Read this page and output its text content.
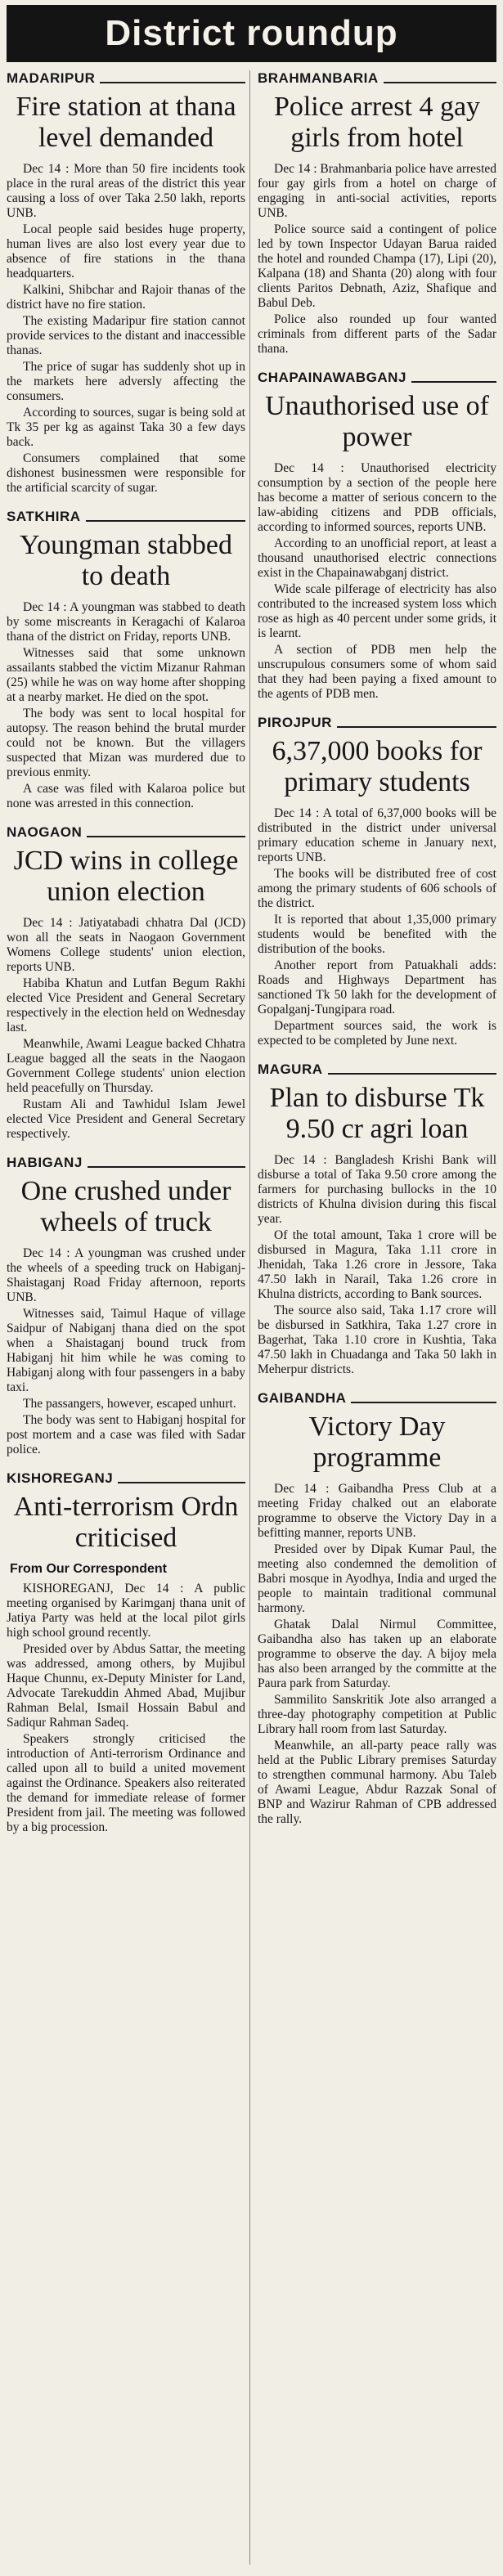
District roundup
MADARIPUR
Fire station at thana level demanded

Dec 14 : More than 50 fire incidents took place in the rural areas of the district this year causing a loss of over Taka 2.50 lakh, reports UNB.

Local people said besides huge property, human lives are also lost every year due to absence of fire stations in the thana headquarters.

Kalkini, Shibchar and Rajoir thanas of the district have no fire station.

The existing Madaripur fire station cannot provide services to the distant and inaccessible thanas.

The price of sugar has suddenly shot up in the markets here adversly affecting the consumers.

According to sources, sugar is being sold at Tk 35 per kg as against Taka 30 a few days back.

Consumers complained that some dishonest businessmen were responsible for the artificial scarcity of sugar.

SATKHIRA
Youngman stabbed to death

Dec 14 : A youngman was stabbed to death by some miscreants in Keragachi of Kalaroa thana of the district on Friday, reports UNB.

Witnesses said that some unknown assailants stabbed the victim Mizanur Rahman (25) while he was on way home after shopping at a nearby market. He died on the spot.

The body was sent to local hospital for autopsy. The reason behind the brutal murder could not be known. But the villagers suspected that Mizan was murdered due to previous enmity.

A case was filed with Kalaroa police but none was arrested in this connection.

NAOGAON
JCD wins in college union election

Dec 14 : Jatiyatabadi chhatra Dal (JCD) won all the seats in Naogaon Government Womens College students' union election, reports UNB.

Habiba Khatun and Lutfan Begum Rakhi elected Vice President and General Secretary respectively in the election held on Wednesday last.

Meanwhile, Awami League backed Chhatra League bagged all the seats in the Naogaon Government College students' union election held peacefully on Thursday.

Rustam Ali and Tawhidul Islam Jewel elected Vice President and General Secretary respectively.

HABIGANJ
One crushed under wheels of truck

Dec 14 : A youngman was crushed under the wheels of a speeding truck on Habiganj-Shaistaganj Road Friday afternoon, reports UNB.

Witnesses said, Taimul Haque of village Saidpur of Nabiganj thana died on the spot when a Shaistaganj bound truck from Habiganj hit him while he was coming to Habiganj along with four passengers in a baby taxi.

The passangers, however, escaped unhurt.

The body was sent to Habiganj hospital for post mortem and a case was filed with Sadar police.

KISHOREGANJ
Anti-terrorism Ordn criticised
From Our Correspondent

KISHOREGANJ, Dec 14 : A public meeting organised by Karimganj thana unit of Jatiya Party was held at the local pilot girls high school ground recently.

Presided over by Abdus Sattar, the meeting was addressed, among others, by Mujibul Haque Chunnu, ex-Deputy Minister for Land, Advocate Tarekuddin Ahmed Abad, Mujibur Rahman Belal, Ismail Hossain Babul and Sadiqur Rahman Sadeq.

Speakers strongly criticised the introduction of Anti-terrorism Ordinance and called upon all to build a united movement against the Ordinance. Speakers also reiterated the demand for immediate release of former President from jail. The meeting was followed by a big procession.

BRAHMANBARIA
Police arrest 4 gay girls from hotel

Dec 14 : Brahmanbaria police have arrested four gay girls from a hotel on charge of engaging in anti-social activities, reports UNB.

Police source said a contingent of police led by town Inspector Udayan Barua raided the hotel and rounded Champa (17), Lipi (20), Kalpana (18) and Shanta (20) along with four clients Paritos Debnath, Aziz, Shafique and Babul Deb.

Police also rounded up four wanted criminals from different parts of the Sadar thana.

CHAPAINAWABGANJ
Unauthorised use of power

Dec 14 : Unauthorised electricity consumption by a section of the people here has become a matter of serious concern to the law-abiding citizens and PDB officials, according to informed sources, reports UNB.

According to an unofficial report, at least a thousand unauthorised electric connections exist in the Chapainawabganj district.

Wide scale pilferage of electricity has also contributed to the increased system loss which rose as high as 40 percent under some grids, it is learnt.

A section of PDB men help the unscrupulous consumers some of whom said that they had been paying a fixed amount to the agents of PDB men.

PIROJPUR
6,37,000 books for primary students

Dec 14 : A total of 6,37,000 books will be distributed in the district under universal primary education scheme in January next, reports UNB.

The books will be distributed free of cost among the primary students of 606 schools of the district.

It is reported that about 1,35,000 primary students would be benefited with the distribution of the books.

Another report from Patuakhali adds: Roads and Highways Department has sanctioned Tk 50 lakh for the development of Gopalganj-Tungipara road.

Department sources said, the work is expected to be completed by June next.

MAGURA
Plan to disburse Tk 9.50 cr agri loan

Dec 14 : Bangladesh Krishi Bank will disburse a total of Taka 9.50 crore among the farmers for purchasing bullocks in the 10 districts of Khulna division during this fiscal year.

Of the total amount, Taka 1 crore will be disbursed in Magura, Taka 1.11 crore in Jhenidah, Taka 1.26 crore in Jessore, Taka 47.50 lakh in Narail, Taka 1.26 crore in Khulna districts, according to Bank sources.

The source also said, Taka 1.17 crore will be disbursed in Satkhira, Taka 1.27 crore in Bagerhat, Taka 1.10 crore in Kushtia, Taka 47.50 lakh in Chuadanga and Taka 50 lakh in Meherpur districts.

GAIBANDHA
Victory Day programme

Dec 14 : Gaibandha Press Club at a meeting Friday chalked out an elaborate programme to observe the Victory Day in a befitting manner, reports UNB.

Presided over by Dipak Kumar Paul, the meeting also condemned the demolition of Babri mosque in Ayodhya, India and urged the people to maintain traditional communal harmony.

Ghatak Dalal Nirmul Committee, Gaibandha also has taken up an elaborate programme to observe the day. A bijoy mela has also been arranged by the committe at the Paura park from Saturday.

Sammilito Sanskritik Jote also arranged a three-day photography competition at Public Library hall room from last Saturday.

Meanwhile, an all-party peace rally was held at the Public Library premises Saturday to strengthen communal harmony. Abu Taleb of Awami League, Abdur Razzak Sonal of BNP and Wazirur Rahman of CPB addressed the rally.
